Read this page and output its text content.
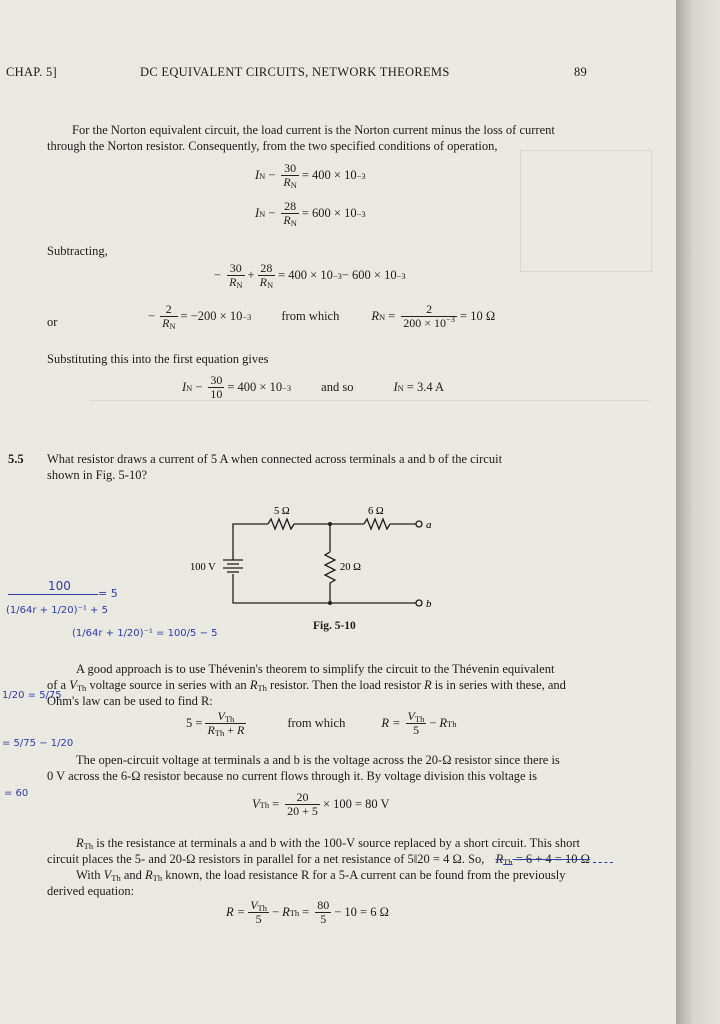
CHAP. 5]	DC EQUIVALENT CIRCUITS, NETWORK THEOREMS	89
For the Norton equivalent circuit, the load current is the Norton current minus the loss of current
through the Norton resistor. Consequently, from the two specified conditions of operation,
I $N - \frac{30}{R_N} = 400 \times 10 -3$
I $N - \frac{28}{R_N} = 600 \times 10 -3$
Subtracting,
− $\frac{30}{R_N} + \frac{28}{R_N} = 400 \times 10 -3 - 600 \times 10 -3$
or	− $\frac{2}{R_N} = -200 \times 10 -3$ from which	R $N = \frac{2}{200 \times 10^{-3}} = 10$ Ω
Substituting this into the first equation gives
I $N - \frac{30}{10} = 400 \times 10 -3$ and so	I N = 3.4 A
5.5 What resistor draws a current of 5 A when connected across terminals a and b of the circuit
shown in Fig. 5-10?
5 Ω	6 Ω
20 Ω
100 V
a
b
Fig. 5-10
100
= 5
(1/64r + 1/20)⁻¹ + 5
(1/64r + 1/20)⁻¹ = 100/5 − 5
1/20 = 5/75
= 5/75 − 1/20
= 60
A good approach is to use Thévenin's theorem to simplify the circuit to the Thévenin equivalent
of a $V_{Th}$ voltage source in series with an $R_{Th}$ resistor. Then the load resistor R is in series with these, and
Ohm's law can be used to find R:
$5 = \frac{V_{Th}}{R_{Th} + R}$	from which	$R = \frac{V_{Th}}{5} - R$ Th
The open-circuit voltage at terminals a and b is the voltage across the 20-Ω resistor since there is
0 V across the 6-Ω resistor because no current flows through it. By voltage division this voltage is
V $Th = \frac{20}{20 + 5} \times 100 = 80$ V
$R_{Th}$ is the resistance at terminals a and b with the 100-V source replaced by a short circuit. This short
circuit places the 5- and 20-Ω resistors in parallel for a net resistance of 5‖20 = 4 Ω. So, $R_{Th} = 6 + 4 = 10$ Ω
With $V_{Th}$ and $R_{Th}$ known, the load resistance R for a 5-A current can be found from the previously
derived equation:
$R = \frac{V_{Th}}{5} - R$ $Th = \frac{80}{5} - 10 = 6$ Ω
